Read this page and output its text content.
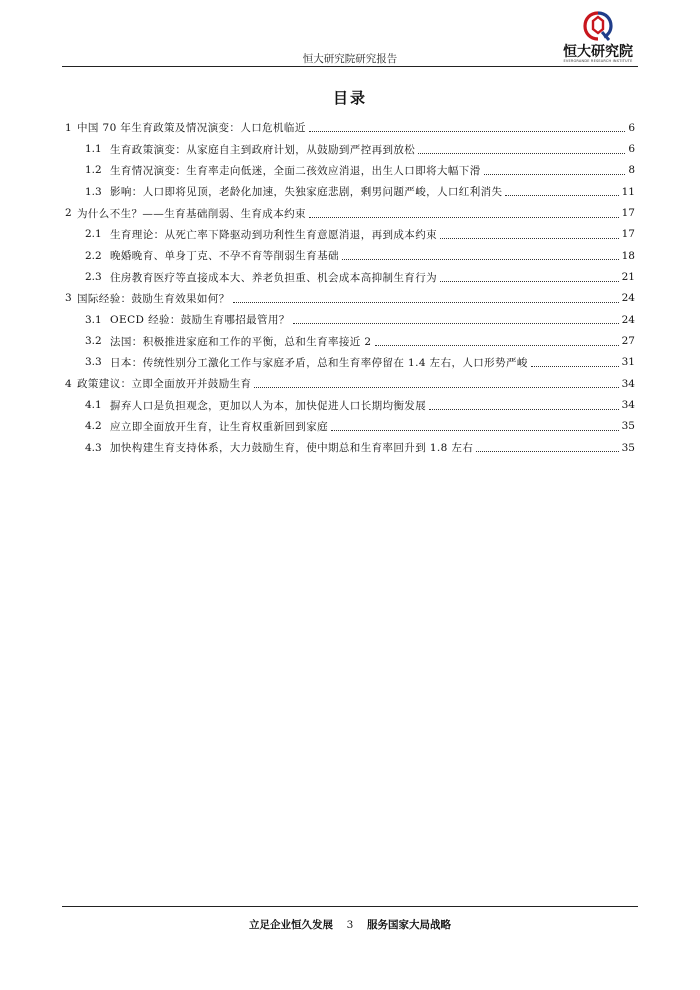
恒大研究院
EVERGRANDE RESEARCH INSTITUTE
恒大研究院研究报告
目录
1 中国 70 年生育政策及情况演变：人口危机临近	6
1.1 生育政策演变：从家庭自主到政府计划，从鼓励到严控再到放松	6
1.2 生育情况演变：生育率走向低迷，全面二孩效应消退，出生人口即将大幅下滑	8
1.3 影响：人口即将见顶，老龄化加速，失独家庭悲剧，剩男问题严峻，人口红利消失	11
2 为什么不生？——生育基础削弱、生育成本约束	17
2.1 生育理论：从死亡率下降驱动到功利性生育意愿消退，再到成本约束	17
2.2 晚婚晚育、单身丁克、不孕不育等削弱生育基础	18
2.3 住房教育医疗等直接成本大、养老负担重、机会成本高抑制生育行为	21
3 国际经验：鼓励生育效果如何？	24
3.1 OECD 经验：鼓励生育哪招最管用？	24
3.2 法国：积极推进家庭和工作的平衡，总和生育率接近 2	27
3.3 日本：传统性别分工激化工作与家庭矛盾，总和生育率停留在 1.4 左右，人口形势严峻	31
4 政策建议：立即全面放开并鼓励生育	34
4.1 摒弃人口是负担观念，更加以人为本，加快促进人口长期均衡发展	34
4.2 应立即全面放开生育，让生育权重新回到家庭	35
4.3 加快构建生育支持体系，大力鼓励生育，使中期总和生育率回升到 1.8 左右	35
立足企业恒久发展 3 服务国家大局战略
